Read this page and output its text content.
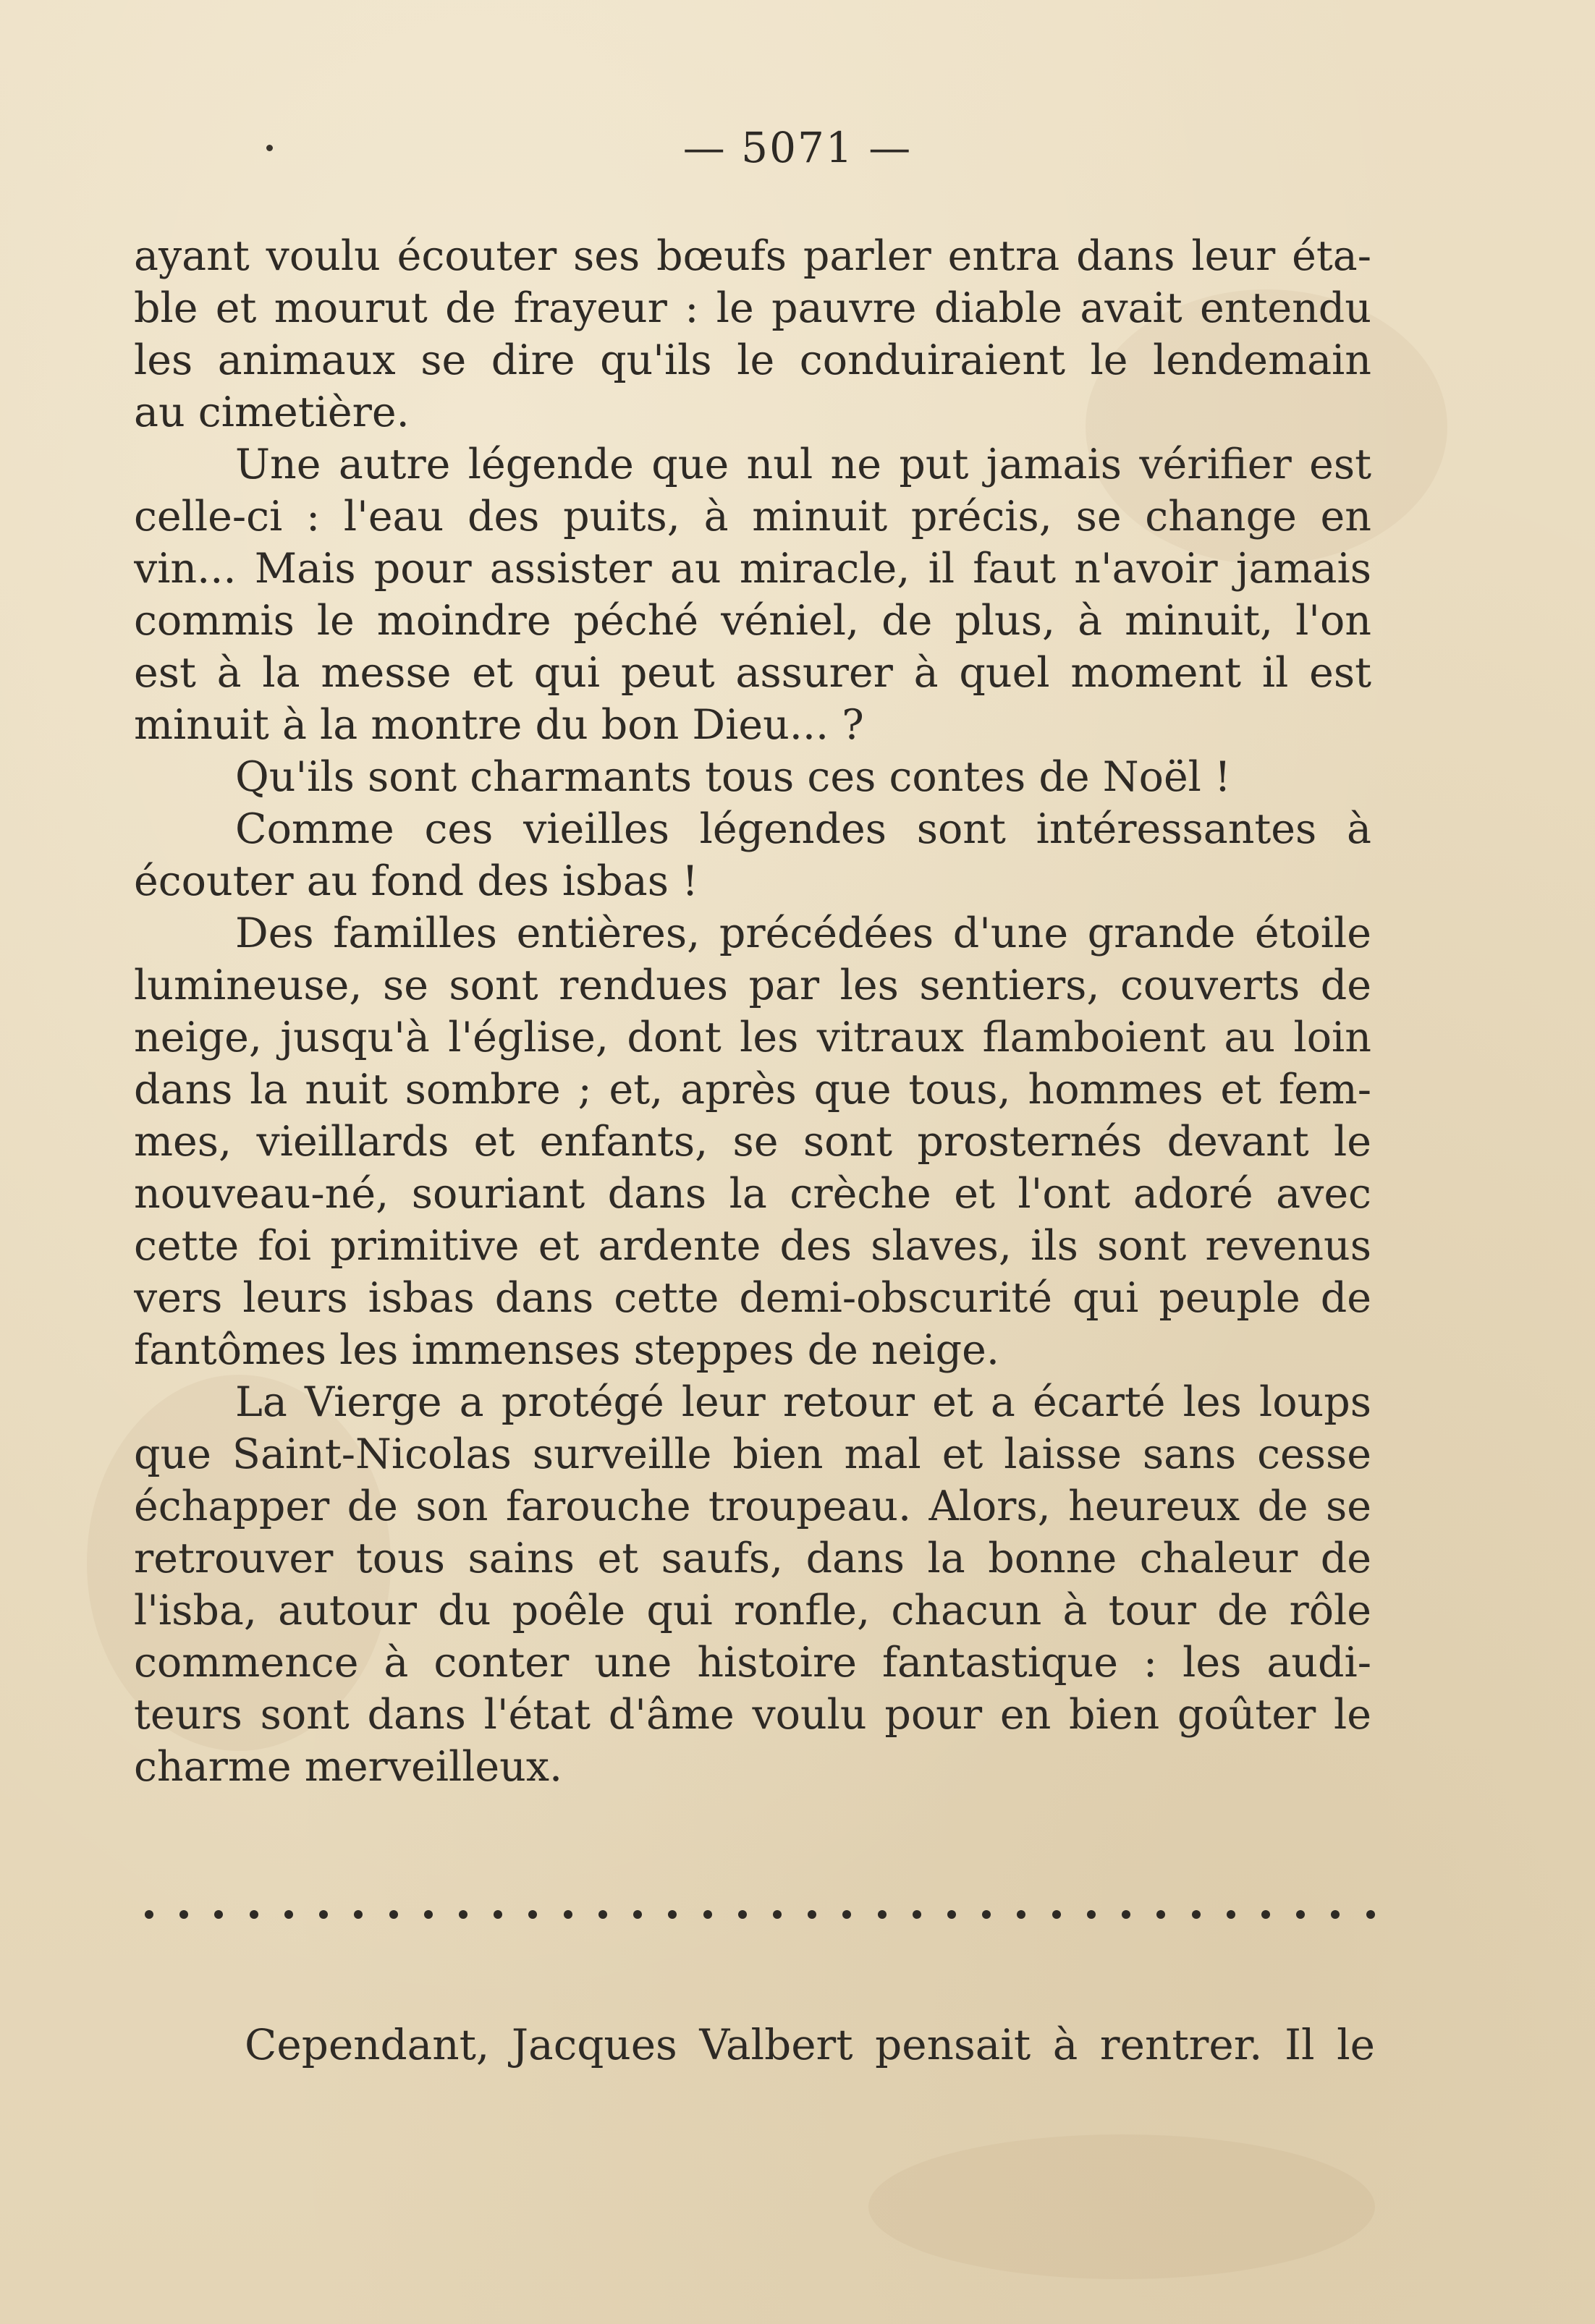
— 5071 —
ayant voulu écouter ses bœufs parler entra dans leur éta-
ble et mourut de frayeur : le pauvre diable avait entendu
les animaux se dire qu'ils le conduiraient le lendemain
au cimetière.
Une autre légende que nul ne put jamais vérifier est
celle-ci : l'eau des puits, à minuit précis, se change en
vin... Mais pour assister au miracle, il faut n'avoir jamais
commis le moindre péché véniel, de plus, à minuit, l'on
est à la messe et qui peut assurer à quel moment il est
minuit à la montre du bon Dieu... ?
Qu'ils sont charmants tous ces contes de Noël !
Comme ces vieilles légendes sont intéressantes à
écouter au fond des isbas !
Des familles entières, précédées d'une grande étoile
lumineuse, se sont rendues par les sentiers, couverts de
neige, jusqu'à l'église, dont les vitraux flamboient au loin
dans la nuit sombre ; et, après que tous, hommes et fem-
mes, vieillards et enfants, se sont prosternés devant le
nouveau-né, souriant dans la crèche et l'ont adoré avec
cette foi primitive et ardente des slaves, ils sont revenus
vers leurs isbas dans cette demi-obscurité qui peuple de
fantômes les immenses steppes de neige.
La Vierge a protégé leur retour et a écarté les loups
que Saint-Nicolas surveille bien mal et laisse sans cesse
échapper de son farouche troupeau. Alors, heureux de se
retrouver tous sains et saufs, dans la bonne chaleur de
l'isba, autour du poêle qui ronfle, chacun à tour de rôle
commence à conter une histoire fantastique : les audi-
teurs sont dans l'état d'âme voulu pour en bien goûter le
charme merveilleux.
Cependant, Jacques Valbert pensait à rentrer. Il le
